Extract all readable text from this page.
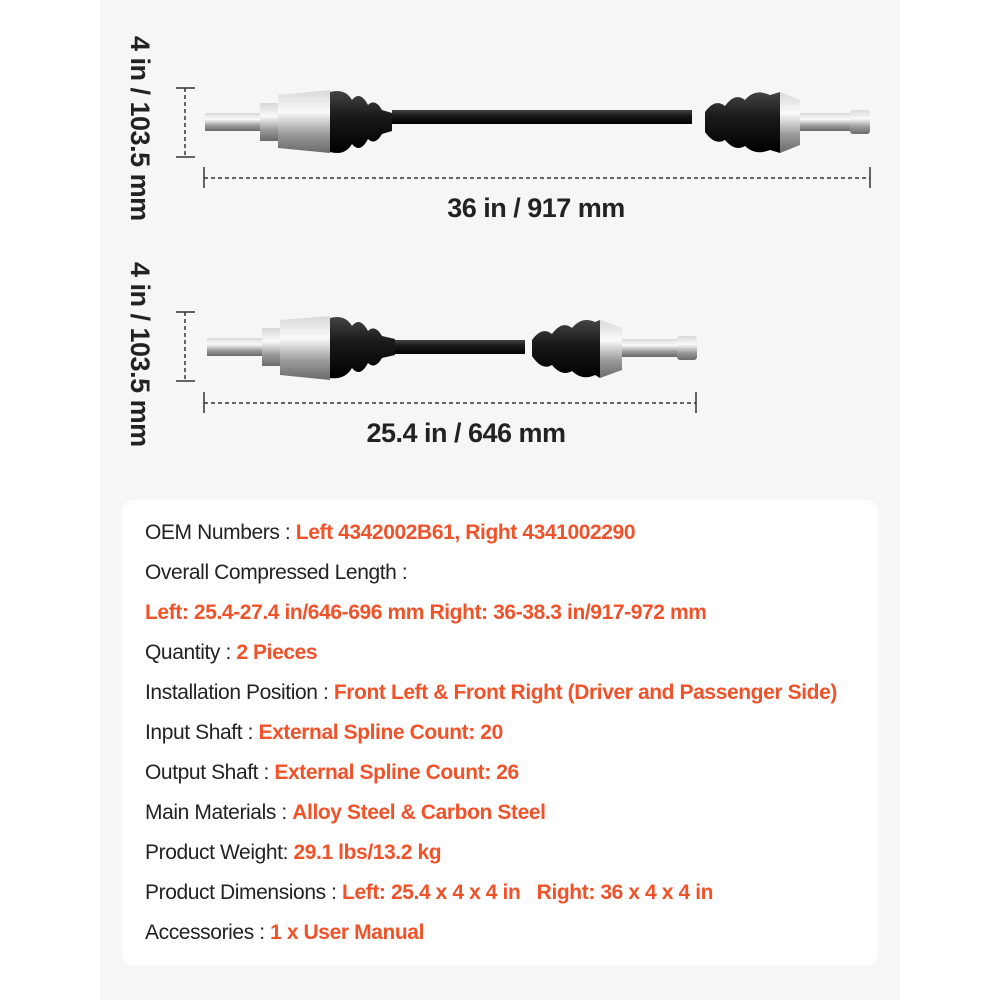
4 in / 103.5 mm	36 in / 917 mm
4 in / 103.5 mm	25.4 in / 646 mm
OEM Numbers : Left 4342002B61, Right 4341002290
Overall Compressed Length :
Left: 25.4-27.4 in/646-696 mm Right: 36-38.3 in/917-972 mm
Quantity : 2 Pieces
Installation Position : Front Left & Front Right (Driver and Passenger Side)
Input Shaft : External Spline Count: 20
Output Shaft : External Spline Count: 26
Main Materials : Alloy Steel & Carbon Steel
Product Weight: 29.1 lbs/13.2 kg
Product Dimensions : Left: 25.4 x 4 x 4 in   Right: 36 x 4 x 4 in
Accessories : 1 x User Manual
